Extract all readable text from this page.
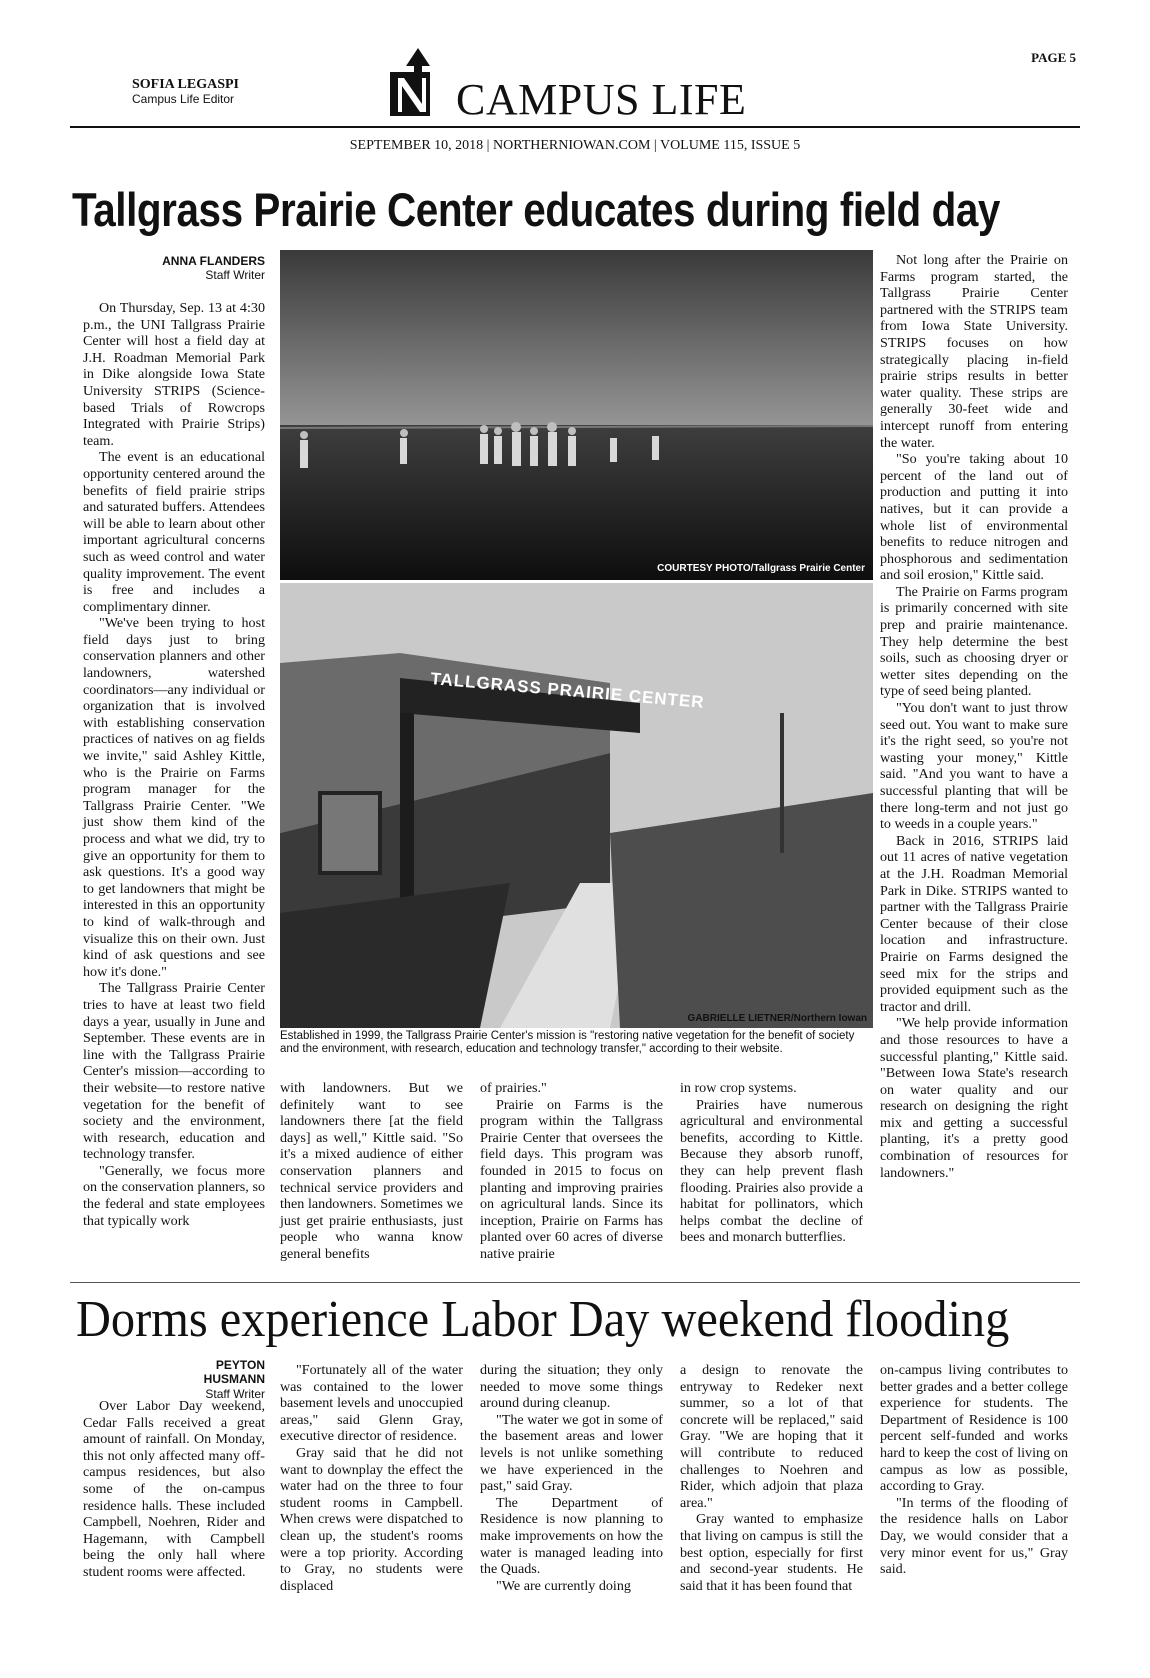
PAGE 5
SOFIA LEGASPI
Campus Life Editor	CAMPUS LIFE
SEPTEMBER 10, 2018 | NORTHERNIOWAN.COM | VOLUME 115, ISSUE 5
Tallgrass Prairie Center educates during field day
ANNA FLANDERS
Staff Writer

On Thursday, Sep. 13 at 4:30 p.m., the UNI Tallgrass Prairie Center will host a field day at J.H. Roadman Memorial Park in Dike alongside Iowa State University STRIPS (Science-based Trials of Rowcrops Integrated with Prairie Strips) team.

The event is an educational opportunity centered around the benefits of field prairie strips and saturated buffers. Attendees will be able to learn about other important agricultural concerns such as weed control and water quality improvement. The event is free and includes a complimentary dinner.

"We've been trying to host field days just to bring conservation planners and other landowners, watershed coordinators—any individual or organization that is involved with establishing conservation practices of natives on ag fields we invite," said Ashley Kittle, who is the Prairie on Farms program manager for the Tallgrass Prairie Center. "We just show them kind of the process and what we did, try to give an opportunity for them to ask questions. It's a good way to get landowners that might be interested in this an opportunity to kind of walk-through and visualize this on their own. Just kind of ask questions and see how it's done."

The Tallgrass Prairie Center tries to have at least two field days a year, usually in June and September. These events are in line with the Tallgrass Prairie Center's mission—according to their website—to restore native vegetation for the benefit of society and the environment, with research, education and technology transfer.

"Generally, we focus more on the conservation planners, so the federal and state employees that typically work

COURTESY PHOTO/Tallgrass Prairie Center
TALLGRASS PRAIRIE CENTER
GABRIELLE LIETNER/Northern Iowan
Established in 1999, the Tallgrass Prairie Center's mission is "restoring native vegetation for the benefit of society and the environment, with research, education and technology transfer," according to their website.

with landowners. But we definitely want to see landowners there [at the field days] as well," Kittle said. "So it's a mixed audience of either conservation planners and technical service providers and then landowners. Sometimes we just get prairie enthusiasts, just people who wanna know general benefits

of prairies."

Prairie on Farms is the program within the Tallgrass Prairie Center that oversees the field days. This program was founded in 2015 to focus on planting and improving prairies on agricultural lands. Since its inception, Prairie on Farms has planted over 60 acres of diverse native prairie

in row crop systems.

Prairies have numerous agricultural and environmental benefits, according to Kittle. Because they absorb runoff, they can help prevent flash flooding. Prairies also provide a habitat for pollinators, which helps combat the decline of bees and monarch butterflies.

Not long after the Prairie on Farms program started, the Tallgrass Prairie Center partnered with the STRIPS team from Iowa State University. STRIPS focuses on how strategically placing in-field prairie strips results in better water quality. These strips are generally 30-feet wide and intercept runoff from entering the water.

"So you're taking about 10 percent of the land out of production and putting it into natives, but it can provide a whole list of environmental benefits to reduce nitrogen and phosphorous and sedimentation and soil erosion," Kittle said.

The Prairie on Farms program is primarily concerned with site prep and prairie maintenance. They help determine the best soils, such as choosing dryer or wetter sites depending on the type of seed being planted.

"You don't want to just throw seed out. You want to make sure it's the right seed, so you're not wasting your money," Kittle said. "And you want to have a successful planting that will be there long-term and not just go to weeds in a couple years."

Back in 2016, STRIPS laid out 11 acres of native vegetation at the J.H. Roadman Memorial Park in Dike. STRIPS wanted to partner with the Tallgrass Prairie Center because of their close location and infrastructure. Prairie on Farms designed the seed mix for the strips and provided equipment such as the tractor and drill.

"We help provide information and those resources to have a successful planting," Kittle said. "Between Iowa State's research on water quality and our research on designing the right mix and getting a successful planting, it's a pretty good combination of resources for landowners."

Dorms experience Labor Day weekend flooding
PEYTON HUSMANN
Staff Writer

Over Labor Day weekend, Cedar Falls received a great amount of rainfall. On Monday, this not only affected many off-campus residences, but also some of the on-campus residence halls. These included Campbell, Noehren, Rider and Hagemann, with Campbell being the only hall where student rooms were affected.

"Fortunately all of the water was contained to the lower basement levels and unoccupied areas," said Glenn Gray, executive director of residence.

Gray said that he did not want to downplay the effect the water had on the three to four student rooms in Campbell. When crews were dispatched to clean up, the student's rooms were a top priority. According to Gray, no students were displaced

during the situation; they only needed to move some things around during cleanup.

"The water we got in some of the basement areas and lower levels is not unlike something we have experienced in the past," said Gray.

The Department of Residence is now planning to make improvements on how the water is managed leading into the Quads.

"We are currently doing

a design to renovate the entryway to Redeker next summer, so a lot of that concrete will be replaced," said Gray. "We are hoping that it will contribute to reduced challenges to Noehren and Rider, which adjoin that plaza area."

Gray wanted to emphasize that living on campus is still the best option, especially for first and second-year students. He said that it has been found that

on-campus living contributes to better grades and a better college experience for students. The Department of Residence is 100 percent self-funded and works hard to keep the cost of living on campus as low as possible, according to Gray.

"In terms of the flooding of the residence halls on Labor Day, we would consider that a very minor event for us," Gray said.
